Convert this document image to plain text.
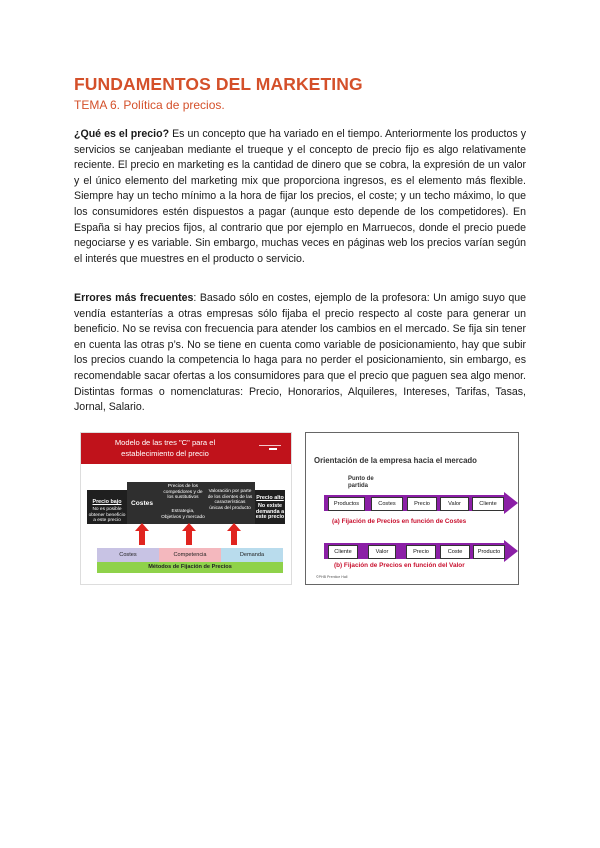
FUNDAMENTOS DEL MARKETING

TEMA 6. Política de precios.

¿Qué es el precio? Es un concepto que ha variado en el tiempo. Anteriormente los productos y servicios se canjeaban mediante el trueque y el concepto de precio fijo es algo relativamente reciente. El precio en marketing es la cantidad de dinero que se cobra, la expresión de un valor y el único elemento del marketing mix que proporciona ingresos, es el elemento más flexible. Siempre hay un techo mínimo a la hora de fijar los precios, el coste; y un techo máximo, lo que los consumidores estén dispuestos a pagar (aunque esto depende de los competidores). En España si hay precios fijos, al contrario que por ejemplo en Marruecos, donde el precio puede negociarse y es variable. Sin embargo, muchas veces en páginas web los precios varían según el interés que muestres en el producto o servicio.

Errores más frecuentes: Basado sólo en costes, ejemplo de la profesora: Un amigo suyo que vendía estanterías a otras empresas sólo fijaba el precio respecto al coste para generar un beneficio. No se revisa con frecuencia para atender los cambios en el mercado. Se fija sin tener en cuenta las otras p’s. No se tiene en cuenta como variable de posicionamiento, hay que subir los precios cuando la competencia lo haga para no perder el posicionamiento, sin embargo, es recomendable sacar ofertas a los consumidores para que el precio que paguen sea algo menor. Distintas formas o nomenclaturas: Precio, Honorarios, Alquileres, Intereses, Tarifas, Tasas, Jornal, Salario.

Modelo de las tres "C" para el establecimiento del precio
Precio bajo
No es posible obtener beneficio a este precio
Costes
Precios de los competidores y de los sustitutivos
Estrategia, Objetivos y mercado
Valoración por parte de los clientes de las características únicas del producto
Precio alto
No existe demanda a este precio
Costes	Competencia	Demanda
Métodos de Fijación de Precios
Orientación de la empresa hacia el mercado
Punto de
partida
Productos	Costes	Precio	Valor	Cliente
(a) Fijación de Precios en función de Costes
Cliente	Valor	Precio	Coste	Producto
(b) Fijación de Precios en función del Valor
©PHB Prentice Hall
